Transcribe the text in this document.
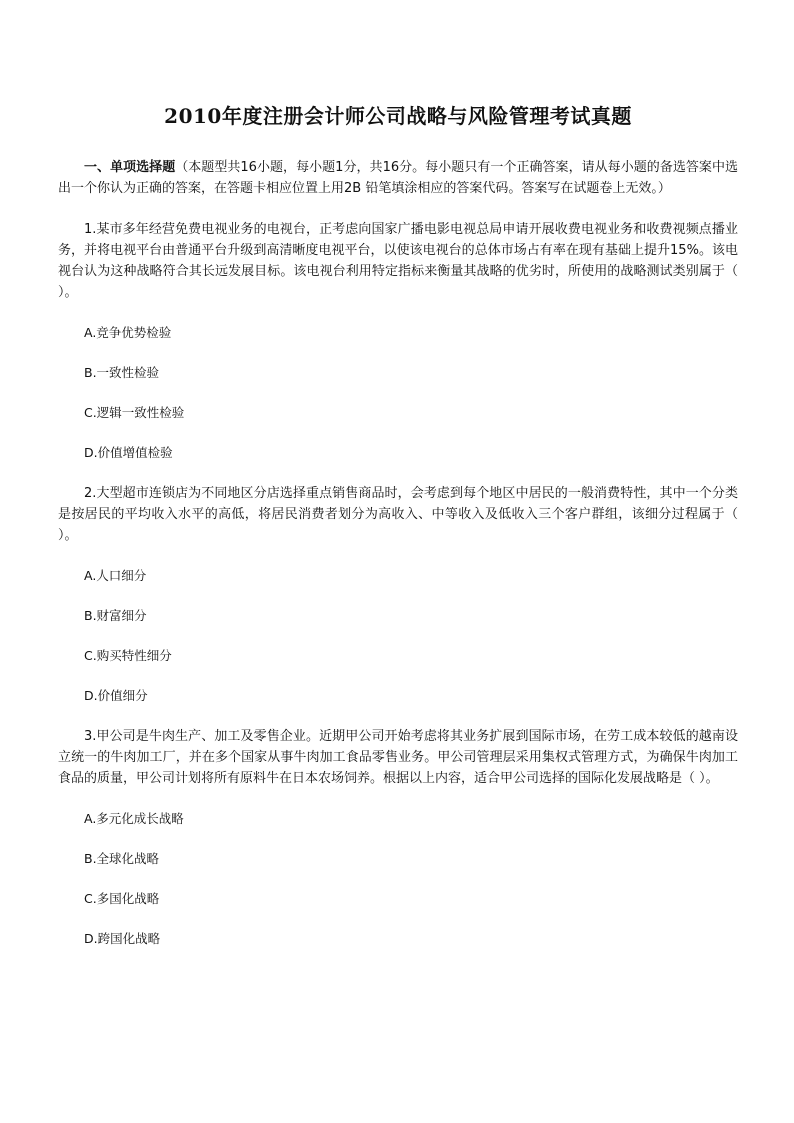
2010年度注册会计师公司战略与风险管理考试真题

一、单项选择题（本题型共16小题，每小题1分，共16分。每小题只有一个正确答案，请从每小题的备选答案中选出一个你认为正确的答案，在答题卡相应位置上用2B 铅笔填涂相应的答案代码。答案写在试题卷上无效。）

1.某市多年经营免费电视业务的电视台，正考虑向国家广播电影电视总局申请开展收费电视业务和收费视频点播业务，并将电视平台由普通平台升级到高清晰度电视平台，以使该电视台的总体市场占有率在现有基础上提升15%。该电视台认为这种战略符合其长远发展目标。该电视台利用特定指标来衡量其战略的优劣时，所使用的战略测试类别属于（ ）。

A.竞争优势检验
B.一致性检验
C.逻辑一致性检验
D.价值增值检验

2.大型超市连锁店为不同地区分店选择重点销售商品时，会考虑到每个地区中居民的一般消费特性，其中一个分类是按居民的平均收入水平的高低，将居民消费者划分为高收入、中等收入及低收入三个客户群组，该细分过程属于（ ）。

A.人口细分
B.财富细分
C.购买特性细分
D.价值细分

3.甲公司是牛肉生产、加工及零售企业。近期甲公司开始考虑将其业务扩展到国际市场，在劳工成本较低的越南设立统一的牛肉加工厂，并在多个国家从事牛肉加工食品零售业务。甲公司管理层采用集权式管理方式，为确保牛肉加工食品的质量，甲公司计划将所有原料牛在日本农场饲养。根据以上内容，适合甲公司选择的国际化发展战略是（ ）。

A.多元化成长战略
B.全球化战略
C.多国化战略
D.跨国化战略
